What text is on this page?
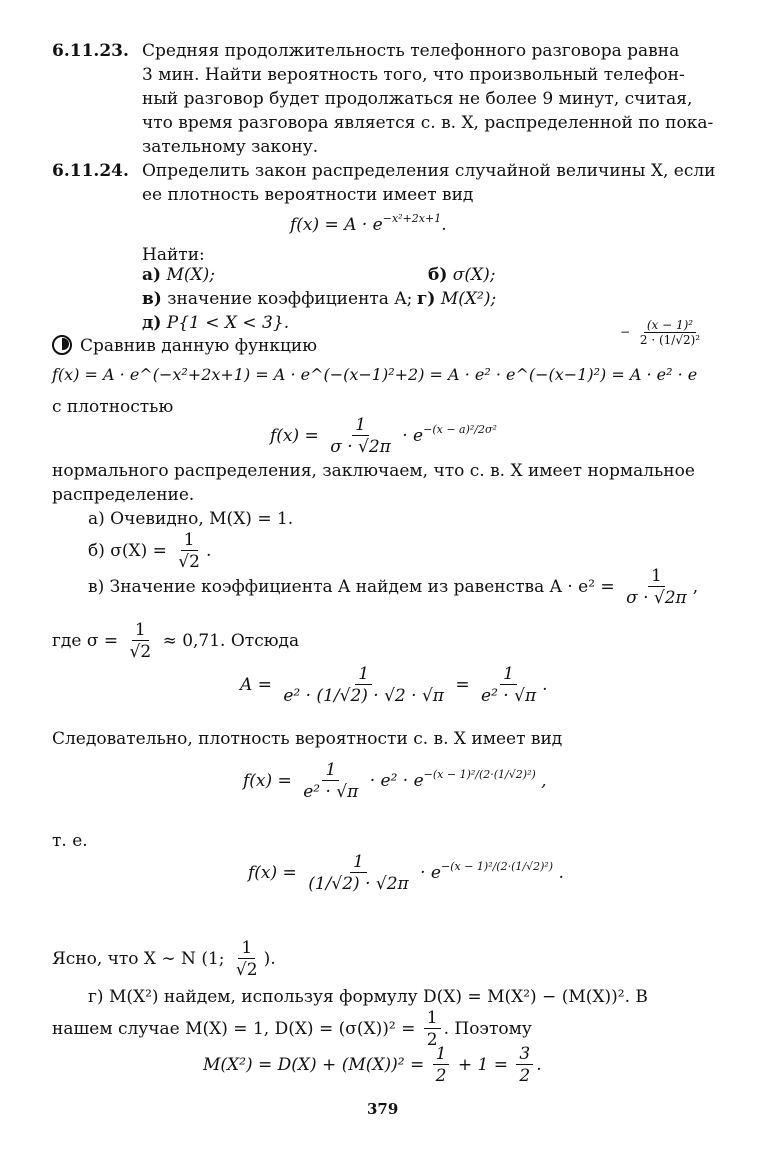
6.11.23. Средняя продолжительность телефонного разговора равна
3 мин. Найти вероятность того, что произвольный телефон-
ный разговор будет продолжаться не более 9 минут, считая,
что время разговора является с. в. X, распределенной по пока-
зательному закону.
6.11.24. Определить закон распределения случайной величины X, если
ее плотность вероятности имеет вид
$f(x) = A \cdot e^{-x^2+2x+1}$.
Найти:
а) M(X);	б) σ(X);
в) значение коэффициента A; г) M(X²);
д) P{1 < X < 3}.
Сравнив данную функцию
− $\frac{\text{(x − 1)²}}{\text{2 · (1/√2)²}}$
f(x) = A · e^(−x²+2x+1) = A · e^(−(x−1)²+2) = A · e² · e^(−(x−1)²) = A · e² · e
с плотностью
$f(x) = \frac{1}{\sigma \cdot √2\pi} \cdot e^{-(x - a)^2/2\sigma^2}$
нормального распределения, заключаем, что с. в. X имеет нормальное
распределение.
а) Очевидно, M(X) = 1.
б) $\sigma(X) = \frac{1}{√2}$ .
в) Значение коэффициента A найдем из равенства $A \cdot e^2 = \frac{1}{\sigma \cdot √2\pi}$ ,
где $\sigma = \frac{1}{√2} \approx 0,71$. Отсюда
$A = \frac{1}{\text{e² · (1/√2) · √2 · √π}} = \frac{1}{\text{e² · √π}}$ .
Следовательно, плотность вероятности с. в. X имеет вид
$f(x) = \frac{1}{\text{e² · √π}} \cdot e^2 \cdot e^{-(x - 1)^2/(2\cdot(1/√2)^2)}$ ,
т. е.
$f(x) = \frac{1}{(1/√2) \cdot √2\pi} \cdot e^{-(x - 1)^2/(2\cdot(1/√2)^2)}$ .
Ясно, что X ∼ N (1; $\frac{1}{√2}$ ).
г) M(X²) найдем, используя формулу D(X) = M(X²) − (M(X))². В
нашем случае M(X) = 1, $D(X) = (\sigma(X))^2 = \frac{1}{2}$ . Поэтому
$M(X^2) = D(X) + (M(X))^2 = \frac{1}{2} + 1 = \frac{3}{2}$ .
379
